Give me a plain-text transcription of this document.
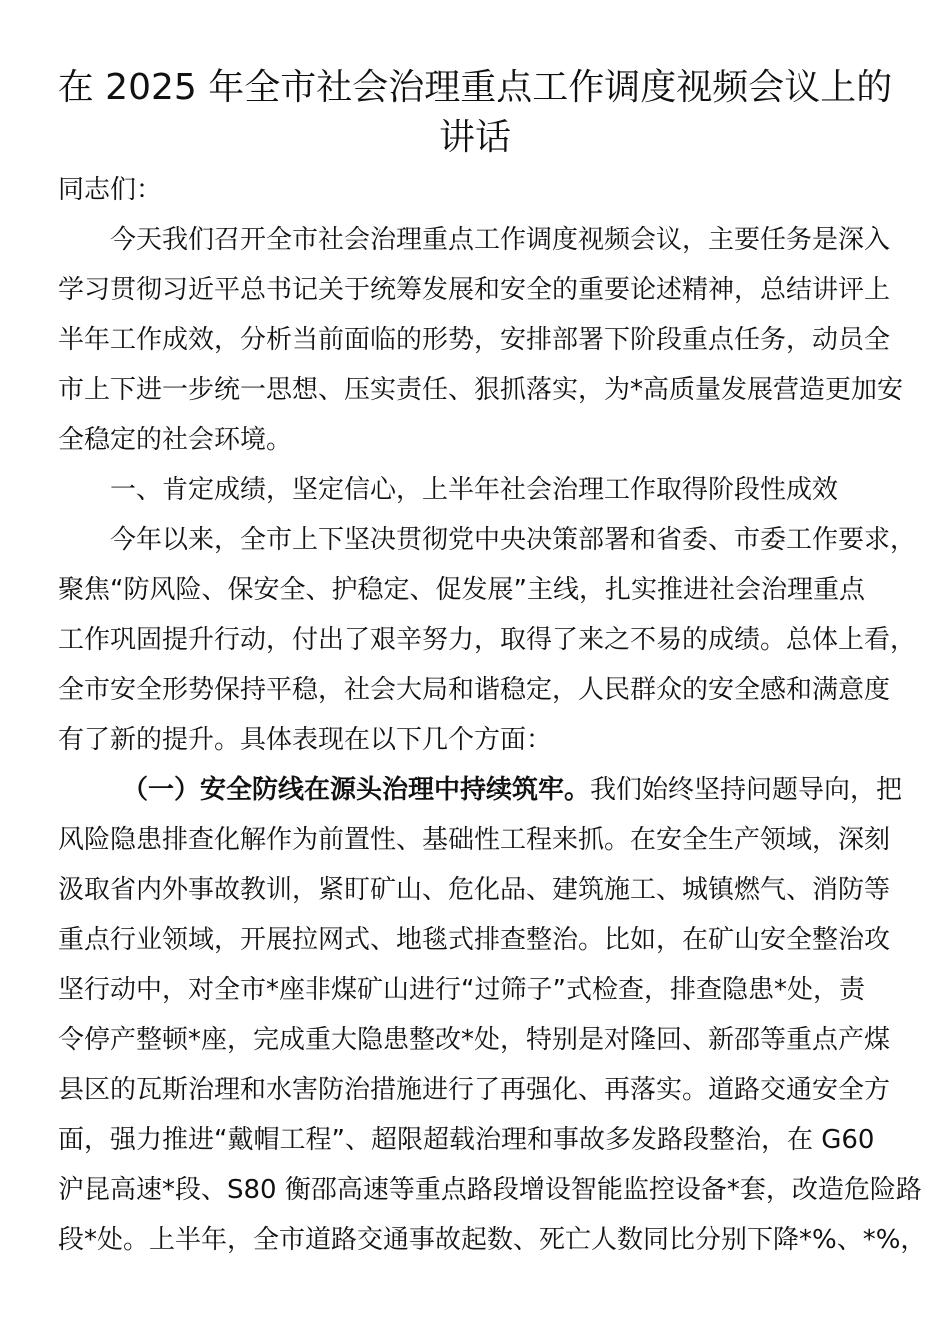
在 2025 年全市社会治理重点工作调度视频会议上的
讲话

同志们：

　　今天我们召开全市社会治理重点工作调度视频会议，主要任务是深入

学习贯彻习近平总书记关于统筹发展和安全的重要论述精神，总结讲评上

半年工作成效，分析当前面临的形势，安排部署下阶段重点任务，动员全

市上下进一步统一思想、压实责任、狠抓落实，为*高质量发展营造更加安

全稳定的社会环境。

　　一、肯定成绩，坚定信心，上半年社会治理工作取得阶段性成效

　　今年以来，全市上下坚决贯彻党中央决策部署和省委、市委工作要求，

聚焦“防风险、保安全、护稳定、促发展”主线，扎实推进社会治理重点

工作巩固提升行动，付出了艰辛努力，取得了来之不易的成绩。总体上看，

全市安全形势保持平稳，社会大局和谐稳定，人民群众的安全感和满意度

有了新的提升。具体表现在以下几个方面：

（一）安全防线在源头治理中持续筑牢。我们始终坚持问题导向，把

风险隐患排查化解作为前置性、基础性工程来抓。在安全生产领域，深刻

汲取省内外事故教训，紧盯矿山、危化品、建筑施工、城镇燃气、消防等

重点行业领域，开展拉网式、地毯式排查整治。比如，在矿山安全整治攻

坚行动中，对全市*座非煤矿山进行“过筛子”式检查，排查隐患*处，责

令停产整顿*座，完成重大隐患整改*处，特别是对隆回、新邵等重点产煤

县区的瓦斯治理和水害防治措施进行了再强化、再落实。道路交通安全方

面，强力推进“戴帽工程”、超限超载治理和事故多发路段整治，在 G60

沪昆高速*段、S80 衡邵高速等重点路段增设智能监控设备*套，改造危险路

段*处。上半年，全市道路交通事故起数、死亡人数同比分别下降*%、*%，
